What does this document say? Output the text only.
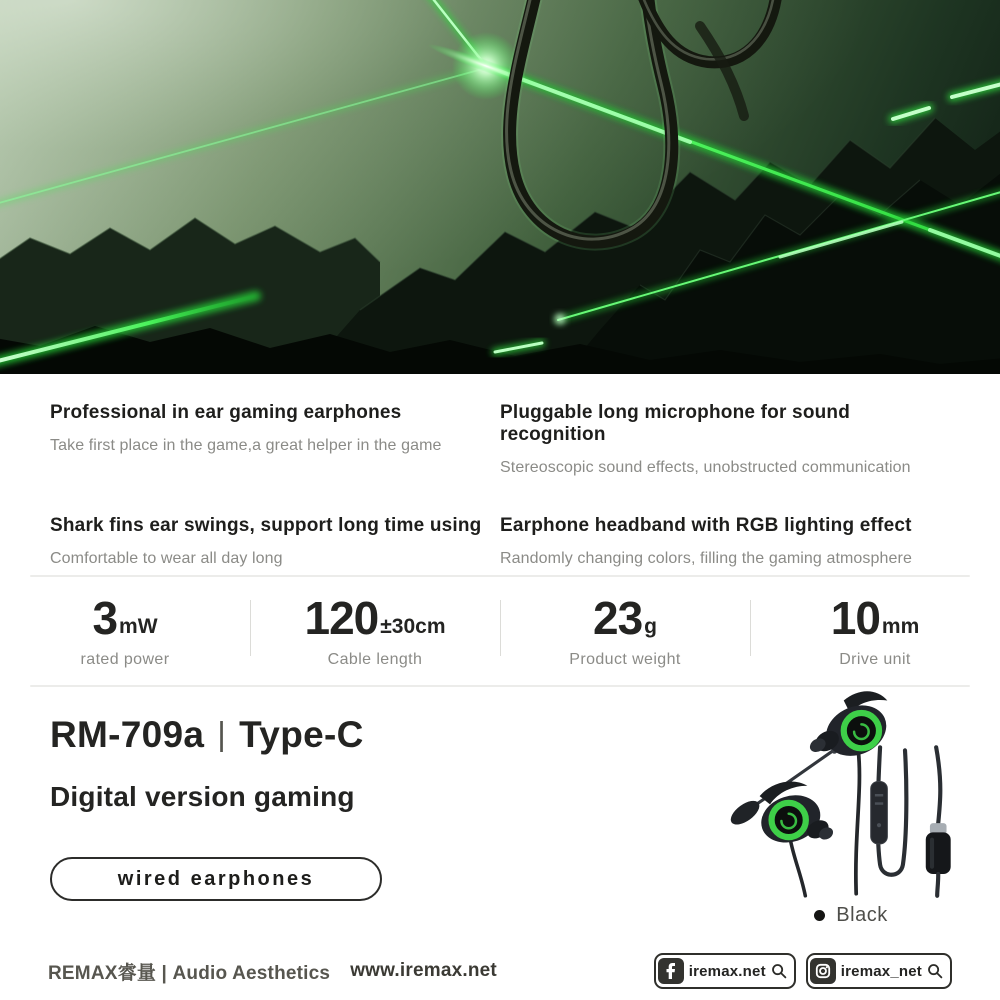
Professional in ear gaming earphones
Take first place in the game,a great helper in the game
Pluggable long microphone for sound recognition
Stereoscopic sound effects, unobstructed communication
Shark fins ear swings, support long time using
Comfortable to wear all day long
Earphone headband with RGB lighting effect
Randomly changing colors, filling the gaming atmosphere
3 mW
rated power
120 ±30cm
Cable length
23 g
Product weight
10 mm
Drive unit
RM-709a | Type-C
Digital version gaming
wired earphones
Black
REMAX睿量 | Audio Aesthetics www.iremax.net	iremax.net	iremax_net
